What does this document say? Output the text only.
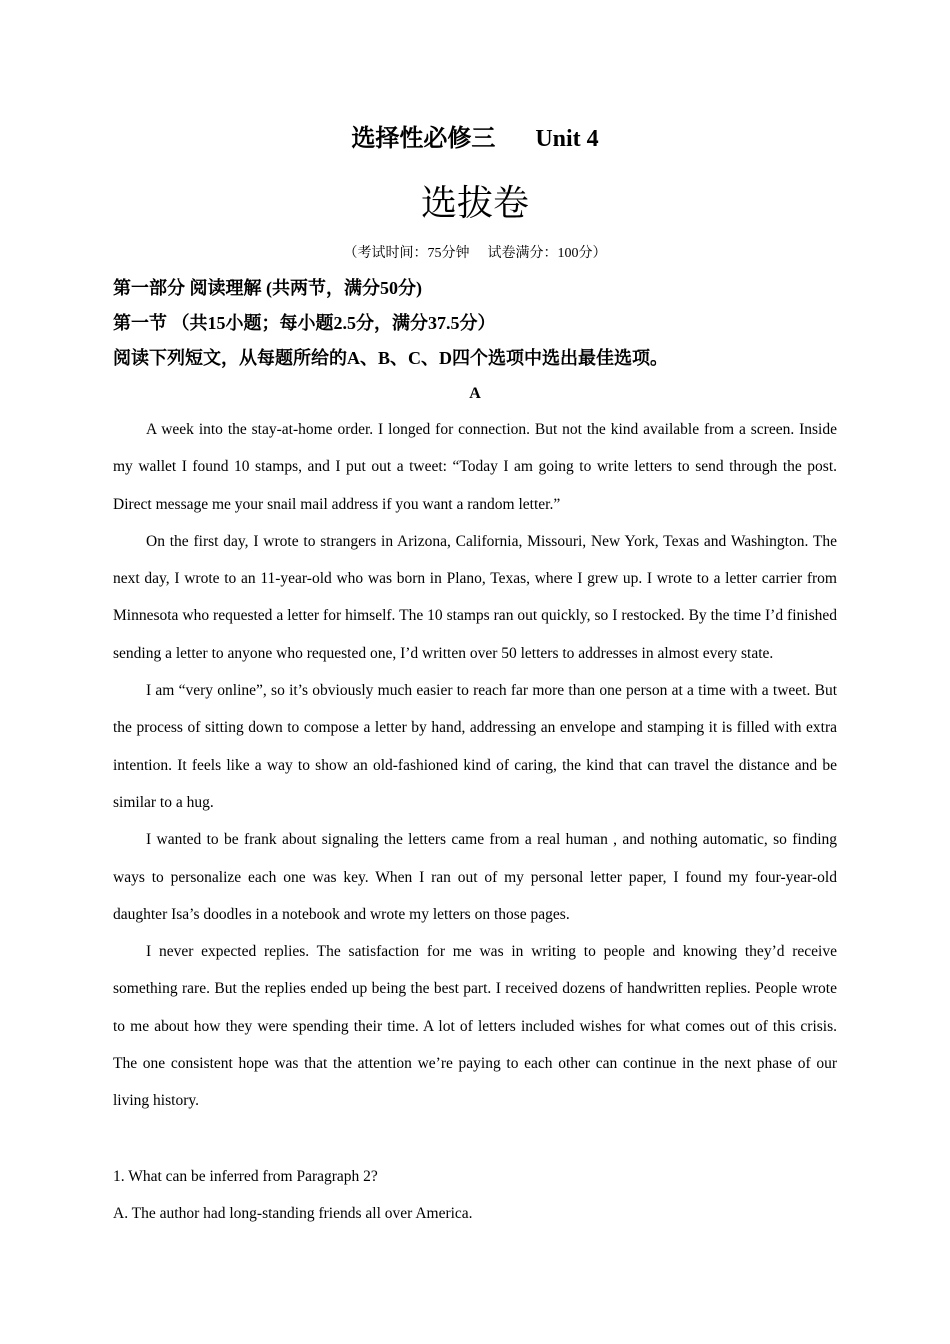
选择性必修三 Unit 4
选拔卷
（考试时间：75分钟 试卷满分：100分）
第一部分 阅读理解 (共两节，满分50分)
第一节 （共15小题；每小题2.5分，满分37.5分）
阅读下列短文，从每题所给的A、B、C、D四个选项中选出最佳选项。
A

A week into the stay-at-home order. I longed for connection. But not the kind available from a screen. Inside my wallet I found 10 stamps, and I put out a tweet: “Today I am going to write letters to send through the post. Direct message me your snail mail address if you want a random letter.”

On the first day, I wrote to strangers in Arizona, California, Missouri, New York, Texas and Washington. The next day, I wrote to an 11-year-old who was born in Plano, Texas, where I grew up. I wrote to a letter carrier from Minnesota who requested a letter for himself. The 10 stamps ran out quickly, so I restocked. By the time I’d finished sending a letter to anyone who requested one, I’d written over 50 letters to addresses in almost every state.

I am “very online”, so it’s obviously much easier to reach far more than one person at a time with a tweet. But the process of sitting down to compose a letter by hand, addressing an envelope and stamping it is filled with extra intention. It feels like a way to show an old-fashioned kind of caring, the kind that can travel the distance and be similar to a hug.

I wanted to be frank about signaling the letters came from a real human , and nothing automatic, so finding ways to personalize each one was key. When I ran out of my personal letter paper, I found my four-year-old daughter Isa’s doodles in a notebook and wrote my letters on those pages.

I never expected replies. The satisfaction for me was in writing to people and knowing they’d receive something rare. But the replies ended up being the best part. I received dozens of handwritten replies. People wrote to me about how they were spending their time. A lot of letters included wishes for what comes out of this crisis. The one consistent hope was that the attention we’re paying to each other can continue in the next phase of our living history.

1. What can be inferred from Paragraph 2?
A. The author had long-standing friends all over America.
